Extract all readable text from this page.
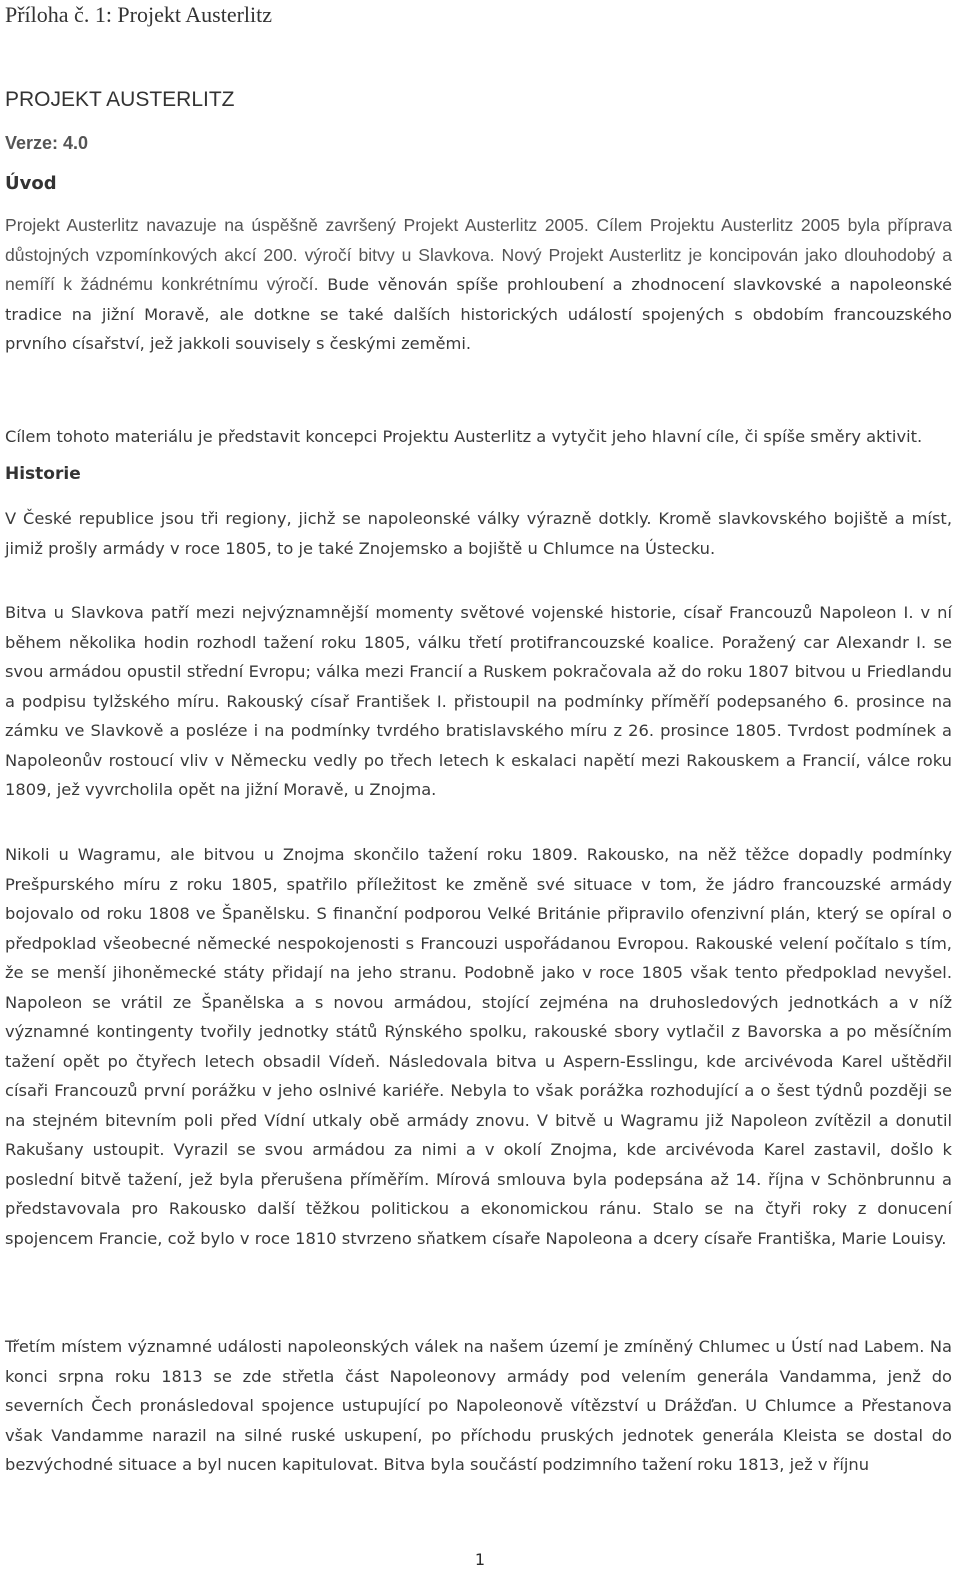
Příloha č. 1: Projekt Austerlitz
PROJEKT AUSTERLITZ
Verze: 4.0
Úvod
Projekt Austerlitz navazuje na úspěšně završený Projekt Austerlitz 2005. Cílem Projektu Austerlitz 2005 byla příprava důstojných vzpomínkových akcí 200. výročí bitvy u Slavkova. Nový Projekt Austerlitz je koncipován jako dlouhodobý a nemíří k žádnému konkrétnímu výročí. Bude věnován spíše prohloubení a zhodnocení slavkovské a napoleonské tradice na jižní Moravě, ale dotkne se také dalších historických událostí spojených s obdobím francouzského prvního císařství, jež jakkoli souvisely s českými zeměmi.
Cílem tohoto materiálu je představit koncepci Projektu Austerlitz a vytyčit jeho hlavní cíle, či spíše směry aktivit.
Historie
V České republice jsou tři regiony, jichž se napoleonské války výrazně dotkly. Kromě slavkovského bojiště a míst, jimiž prošly armády v roce 1805, to je také Znojemsko a bojiště u Chlumce na Ústecku.
Bitva u Slavkova patří mezi nejvýznamnější momenty světové vojenské historie, císař Francouzů Napoleon I. v ní během několika hodin rozhodl tažení roku 1805, válku třetí protifrancouzské koalice. Poražený car Alexandr I. se svou armádou opustil střední Evropu; válka mezi Francií a Ruskem pokračovala až do roku 1807 bitvou u Friedlandu a podpisu tylžského míru. Rakouský císař František I. přistoupil na podmínky příměří podepsaného 6. prosince na zámku ve Slavkově a posléze i na podmínky tvrdého bratislavského míru z 26. prosince 1805. Tvrdost podmínek a Napoleonův rostoucí vliv v Německu vedly po třech letech k eskalaci napětí mezi Rakouskem a Francií, válce roku 1809, jež vyvrcholila opět na jižní Moravě, u Znojma.
Nikoli u Wagramu, ale bitvou u Znojma skončilo tažení roku 1809. Rakousko, na něž těžce dopadly podmínky Prešpurského míru z roku 1805, spatřilo příležitost ke změně své situace v tom, že jádro francouzské armády bojovalo od roku 1808 ve Španělsku. S finanční podporou Velké Británie připravilo ofenzivní plán, který se opíral o předpoklad všeobecné německé nespokojenosti s Francouzi uspořádanou Evropou. Rakouské velení počítalo s tím, že se menší jihoněmecké státy přidají na jeho stranu. Podobně jako v roce 1805 však tento předpoklad nevyšel. Napoleon se vrátil ze Španělska a s novou armádou, stojící zejména na druhosledových jednotkách a v níž významné kontingenty tvořily jednotky států Rýnského spolku, rakouské sbory vytlačil z Bavorska a po měsíčním tažení opět po čtyřech letech obsadil Vídeň. Následovala bitva u Aspern-Esslingu, kde arcivévoda Karel uštědřil císaři Francouzů první porážku v jeho oslnivé kariéře. Nebyla to však porážka rozhodující a o šest týdnů později se na stejném bitevním poli před Vídní utkaly obě armády znovu. V bitvě u Wagramu již Napoleon zvítězil a donutil Rakušany ustoupit. Vyrazil se svou armádou za nimi a v okolí Znojma, kde arcivévoda Karel zastavil, došlo k poslední bitvě tažení, jež byla přerušena příměřím. Mírová smlouva byla podepsána až 14. října v Schönbrunnu a představovala pro Rakousko další těžkou politickou a ekonomickou ránu. Stalo se na čtyři roky z donucení spojencem Francie, což bylo v roce 1810 stvrzeno sňatkem císaře Napoleona a dcery císaře Františka, Marie Louisy.
Třetím místem významné události napoleonských válek na našem území je zmíněný Chlumec u Ústí nad Labem. Na konci srpna roku 1813 se zde střetla část Napoleonovy armády pod velením generála Vandamma, jenž do severních Čech pronásledoval spojence ustupující po Napoleonově vítězství u Drážďan. U Chlumce a Přestanova však Vandamme narazil na silné ruské uskupení, po příchodu pruských jednotek generála Kleista se dostal do bezvýchodné situace a byl nucen kapitulovat. Bitva byla součástí podzimního tažení roku 1813, jež v říjnu
1
